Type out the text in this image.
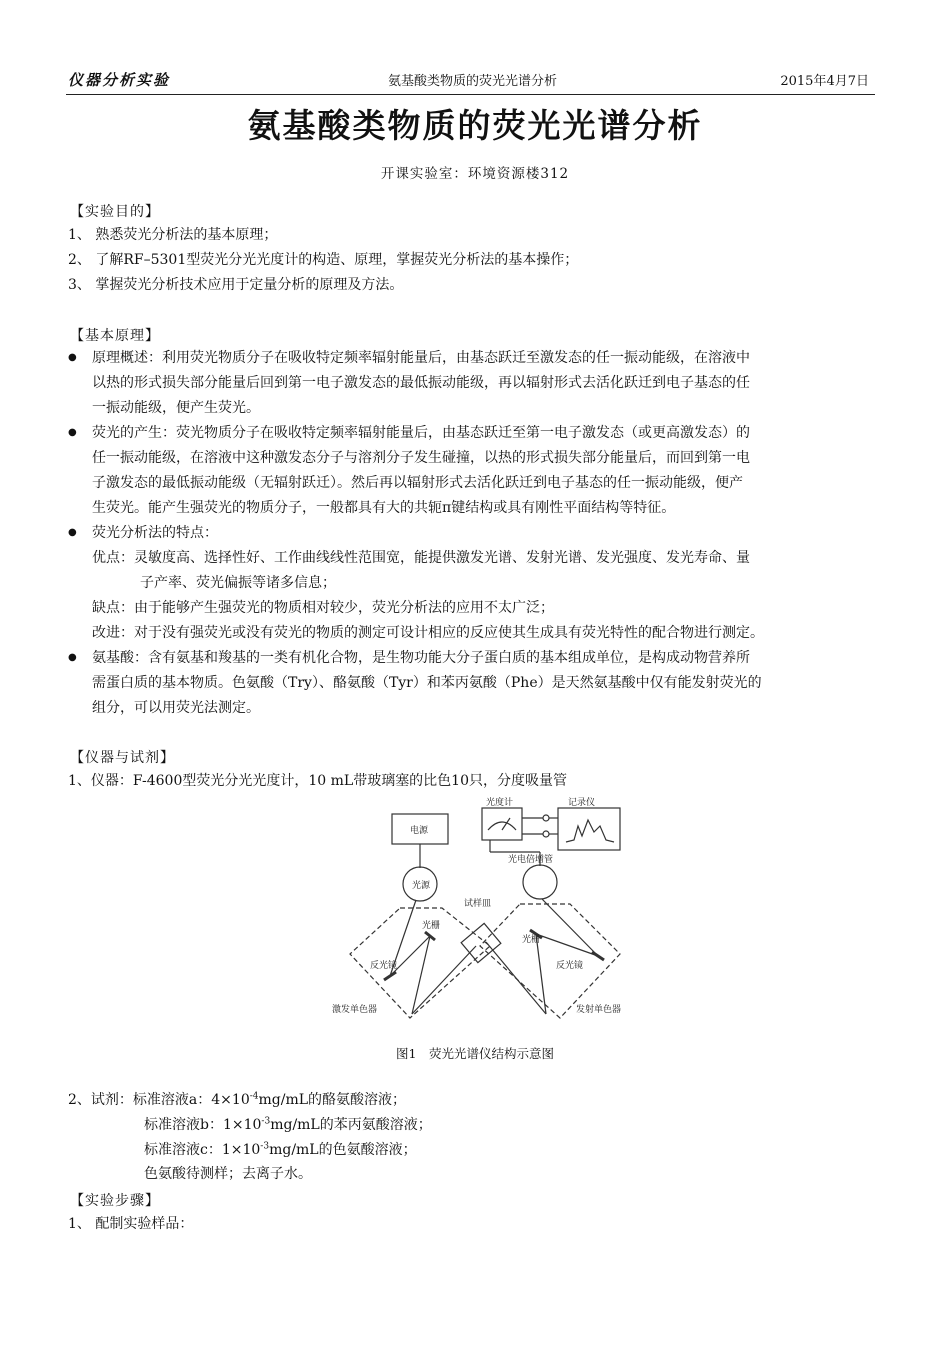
仪器分析实验	氨基酸类物质的荧光光谱分析	2015年4月7日
氨基酸类物质的荧光光谱分析
开课实验室：环境资源楼312
【实验目的】
1、 熟悉荧光分析法的基本原理；
2、 了解RF–5301型荧光分光光度计的构造、原理，掌握荧光分析法的基本操作；
3、 掌握荧光分析技术应用于定量分析的原理及方法。
【基本原理】
● 原理概述：利用荧光物质分子在吸收特定频率辐射能量后，由基态跃迁至激发态的任一振动能级，在溶液中
以热的形式损失部分能量后回到第一电子激发态的最低振动能级，再以辐射形式去活化跃迁到电子基态的任
一振动能级，便产生荧光。
● 荧光的产生：荧光物质分子在吸收特定频率辐射能量后，由基态跃迁至第一电子激发态（或更高激发态）的
任一振动能级，在溶液中这种激发态分子与溶剂分子发生碰撞，以热的形式损失部分能量后，而回到第一电
子激发态的最低振动能级（无辐射跃迁）。然后再以辐射形式去活化跃迁到电子基态的任一振动能级，便产
生荧光。能产生强荧光的物质分子，一般都具有大的共轭π键结构或具有刚性平面结构等特征。
● 荧光分析法的特点：
优点：灵敏度高、选择性好、工作曲线线性范围宽，能提供激发光谱、发射光谱、发光强度、发光寿命、量
子产率、荧光偏振等诸多信息；
缺点：由于能够产生强荧光的物质相对较少，荧光分析法的应用不太广泛；
改进：对于没有强荧光或没有荧光的物质的测定可设计相应的反应使其生成具有荧光特性的配合物进行测定。
● 氨基酸：含有氨基和羧基的一类有机化合物，是生物功能大分子蛋白质的基本组成单位，是构成动物营养所
需蛋白质的基本物质。色氨酸（Try）、酪氨酸（Tyr）和苯丙氨酸（Phe）是天然氨基酸中仅有能发射荧光的
组分，可以用荧光法测定。
【仪器与试剂】
1、仪器：F-4600型荧光分光光度计，10 mL带玻璃塞的比色10只，分度吸量管
电源
光度计	记录仪
光电倍增管
光源
试样皿
光栅
反光镜
光栅
反光镜
激发单色器	发射单色器
图1　荧光光谱仪结构示意图
2、试剂：标准溶液a：$4\times 10^{-4}mg/mL$的酪氨酸溶液；
标准溶液b：$1\times 10^{-3}mg/mL$的苯丙氨酸溶液；
标准溶液c：$1\times 10^{-3}mg/mL$的色氨酸溶液；
色氨酸待测样；去离子水。
【实验步骤】
1、 配制实验样品：
